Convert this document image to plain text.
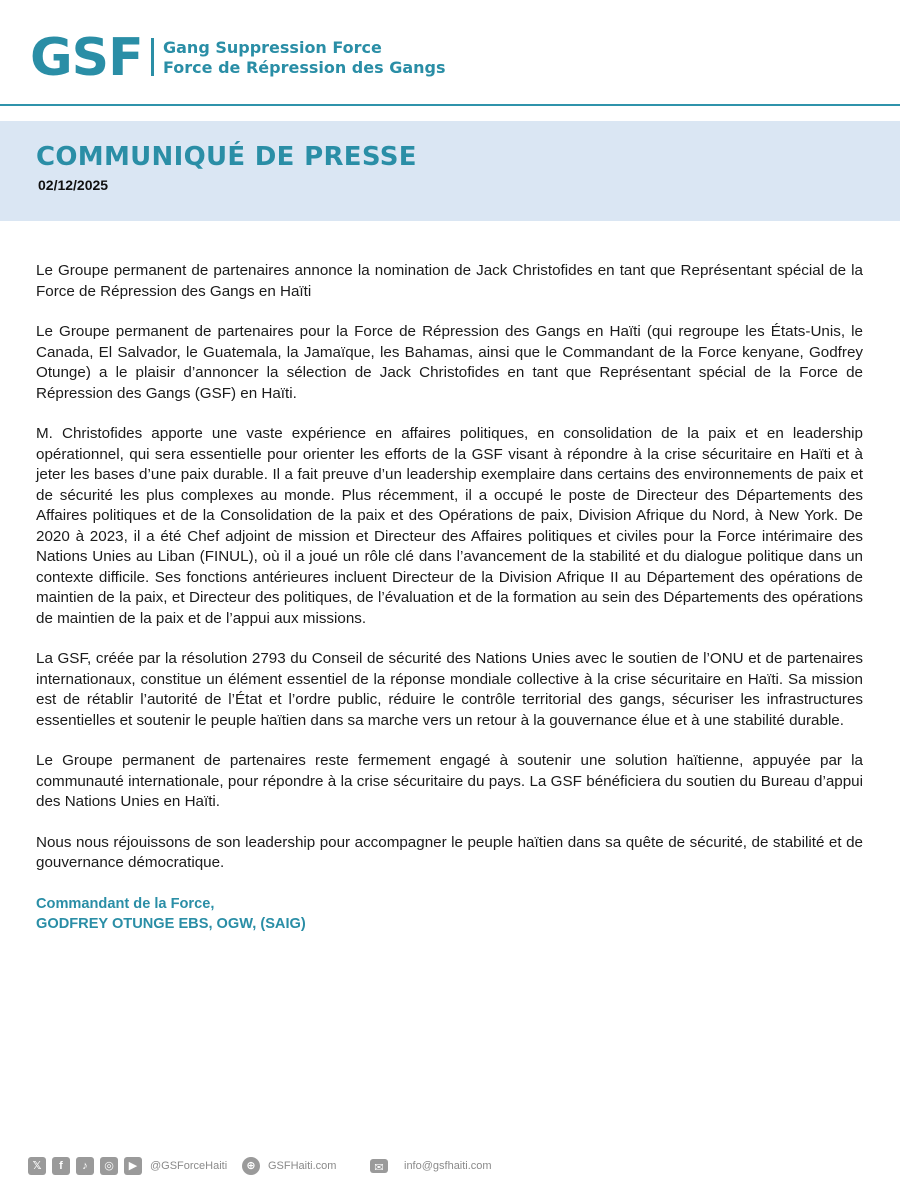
GSF Gang Suppression Force
Force de Répression des Gangs
COMMUNIQUÉ DE PRESSE
02/12/2025

Le Groupe permanent de partenaires annonce la nomination de Jack Christofides en tant que Représentant spécial de la Force de Répression des Gangs en Haïti

Le Groupe permanent de partenaires pour la Force de Répression des Gangs en Haïti (qui regroupe les États-Unis, le Canada, El Salvador, le Guatemala, la Jamaïque, les Bahamas, ainsi que le Commandant de la Force kenyane, Godfrey Otunge) a le plaisir d’annoncer la sélection de Jack Christofides en tant que Représentant spécial de la Force de Répression des Gangs (GSF) en Haïti.

M. Christofides apporte une vaste expérience en affaires politiques, en consolidation de la paix et en leadership opérationnel, qui sera essentielle pour orienter les efforts de la GSF visant à répondre à la crise sécuritaire en Haïti et à jeter les bases d’une paix durable. Il a fait preuve d’un leadership exemplaire dans certains des environnements de paix et de sécurité les plus complexes au monde. Plus récemment, il a occupé le poste de Directeur des Départements des Affaires politiques et de la Consolidation de la paix et des Opérations de paix, Division Afrique du Nord, à New York. De 2020 à 2023, il a été Chef adjoint de mission et Directeur des Affaires politiques et civiles pour la Force intérimaire des Nations Unies au Liban (FINUL), où il a joué un rôle clé dans l’avancement de la stabilité et du dialogue politique dans un contexte difficile. Ses fonctions antérieures incluent Directeur de la Division Afrique II au Département des opérations de maintien de la paix, et Directeur des politiques, de l’évaluation et de la formation au sein des Départements des opérations de maintien de la paix et de l’appui aux missions.

La GSF, créée par la résolution 2793 du Conseil de sécurité des Nations Unies avec le soutien de l’ONU et de partenaires internationaux, constitue un élément essentiel de la réponse mondiale collective à la crise sécuritaire en Haïti. Sa mission est de rétablir l’autorité de l’État et l’ordre public, réduire le contrôle territorial des gangs, sécuriser les infrastructures essentielles et soutenir le peuple haïtien dans sa marche vers un retour à la gouvernance élue et à une stabilité durable.

Le Groupe permanent de partenaires reste fermement engagé à soutenir une solution haïtienne, appuyée par la communauté internationale, pour répondre à la crise sécuritaire du pays. La GSF bénéficiera du soutien du Bureau d’appui des Nations Unies en Haïti.

Nous nous réjouissons de son leadership pour accompagner le peuple haïtien dans sa quête de sécurité, de stabilité et de gouvernance démocratique.

Commandant de la Force,
GODFREY OTUNGE EBS, OGW, (SAIG)
𝕏	f	♪	◎	▶	@GSForceHaiti	⊕	GSFHaiti.com	✉	info@gsfhaiti.com
